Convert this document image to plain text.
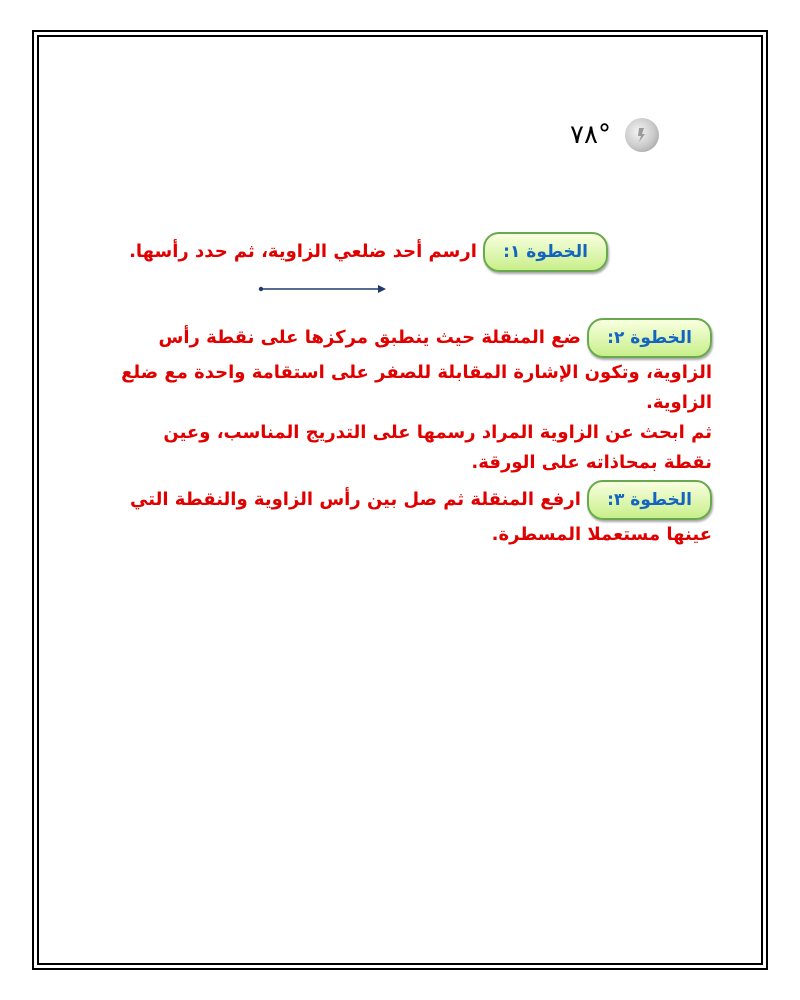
٧٨°
الخطوة ١: ارسم أحد ضلعي الزاوية، ثم حدد رأسها.
الخطوة ٢: ضع المنقلة حيث ينطبق مركزها على نقطة رأس
الزاوية، وتكون الإشارة المقابلة للصفر على استقامة واحدة مع ضلع
الزاوية.
ثم ابحث عن الزاوية المراد رسمها على التدريج المناسب، وعين
نقطة بمحاذاته على الورقة.
الخطوة ٣: ارفع المنقلة ثم صل بين رأس الزاوية والنقطة التي
عينها مستعملا المسطرة.
